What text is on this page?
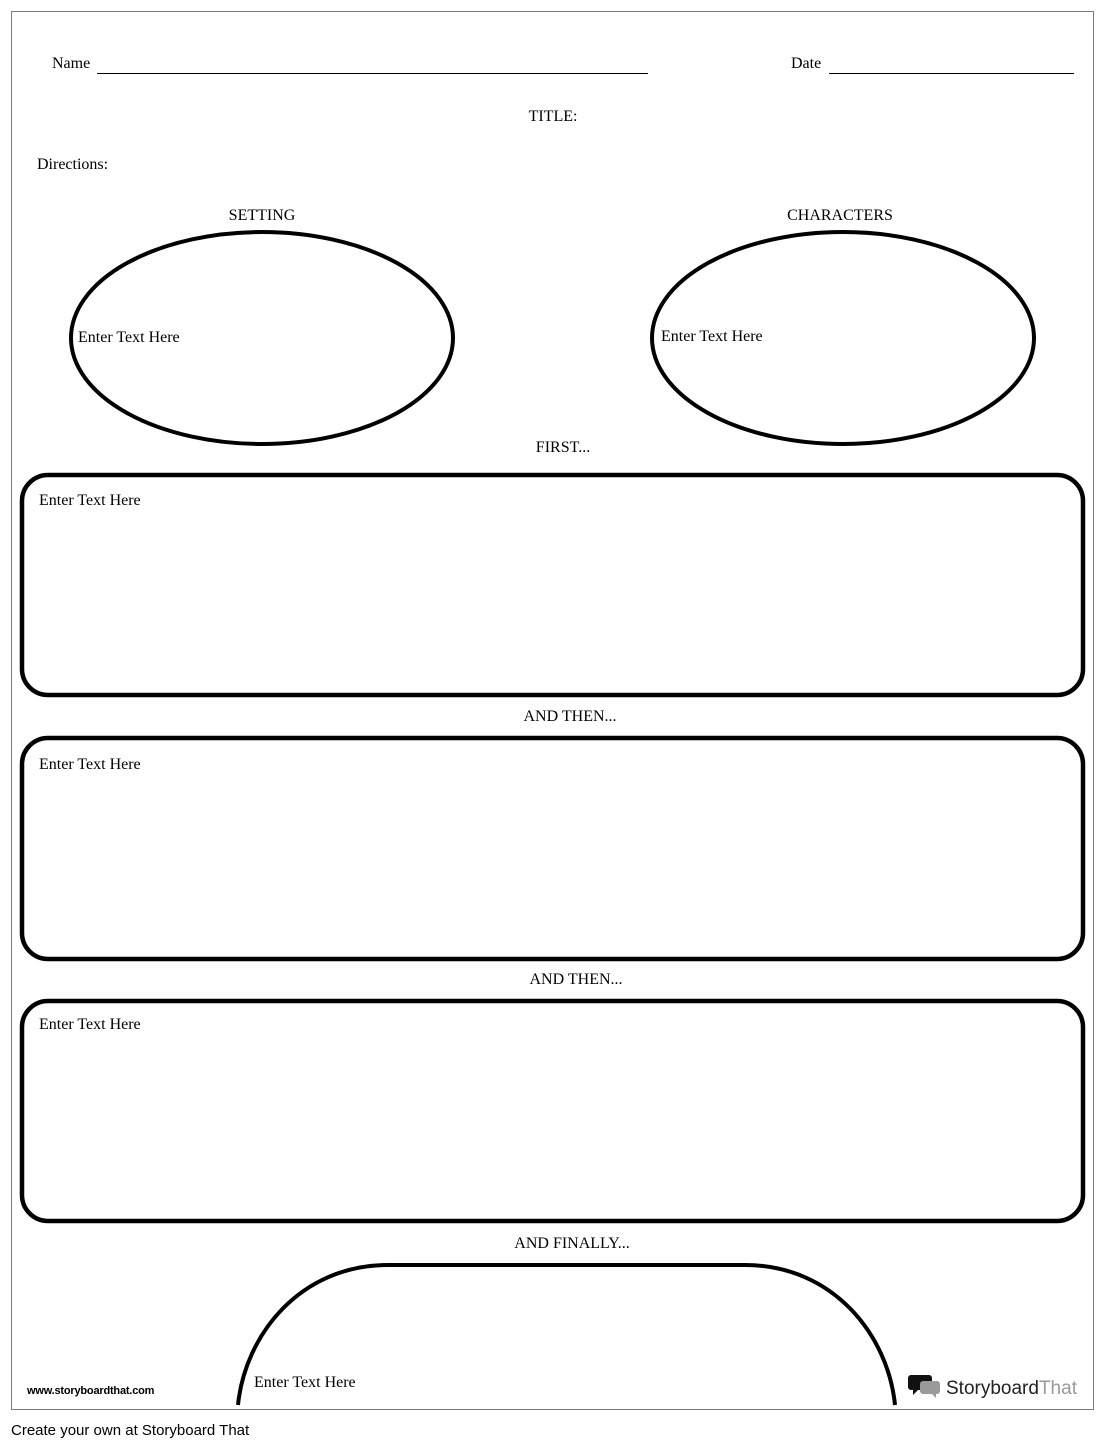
Name	Date
TITLE:
Directions:
SETTING
Enter Text Here
CHARACTERS
Enter Text Here
FIRST...
Enter Text Here
AND THEN...
Enter Text Here
AND THEN...
Enter Text Here
AND FINALLY...
Enter Text Here
www.storyboardthat.com	StoryboardThat
Create your own at Storyboard That
